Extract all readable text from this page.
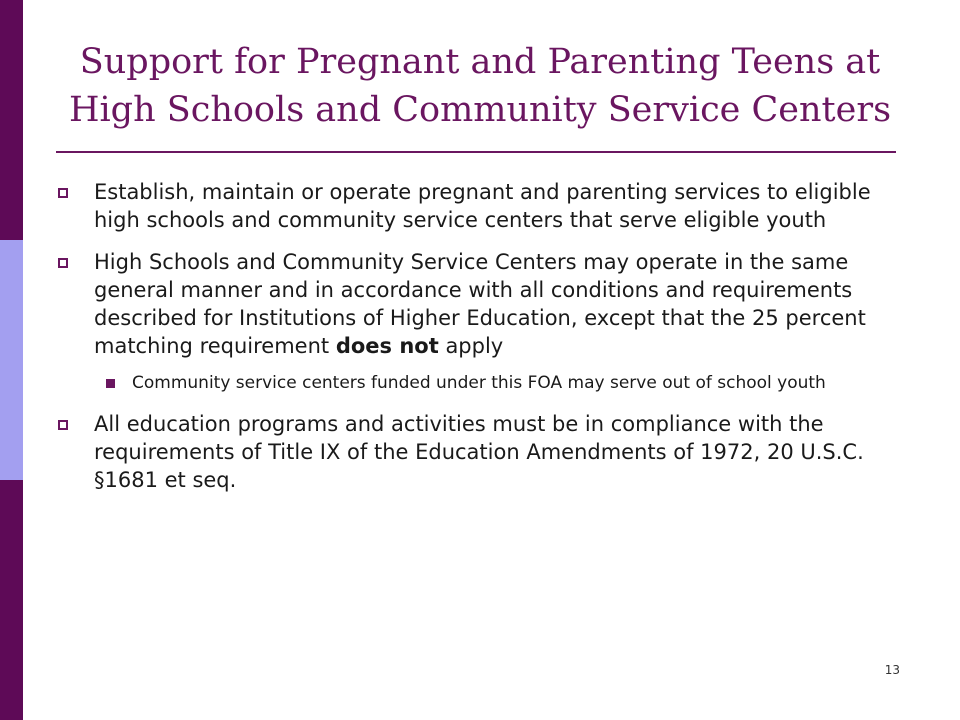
Support for Pregnant and Parenting Teens at High Schools and Community Service Centers
Establish, maintain or operate pregnant and parenting services to eligible high schools and community service centers that serve eligible youth
High Schools and Community Service Centers may operate in the same general manner and in accordance with all conditions and requirements described for Institutions of Higher Education, except that the 25 percent matching requirement does not apply
Community service centers funded under this FOA may serve out of school youth
All education programs and activities must be in compliance with the requirements of Title IX of the Education Amendments of 1972, 20 U.S.C. §1681 et seq.
13
